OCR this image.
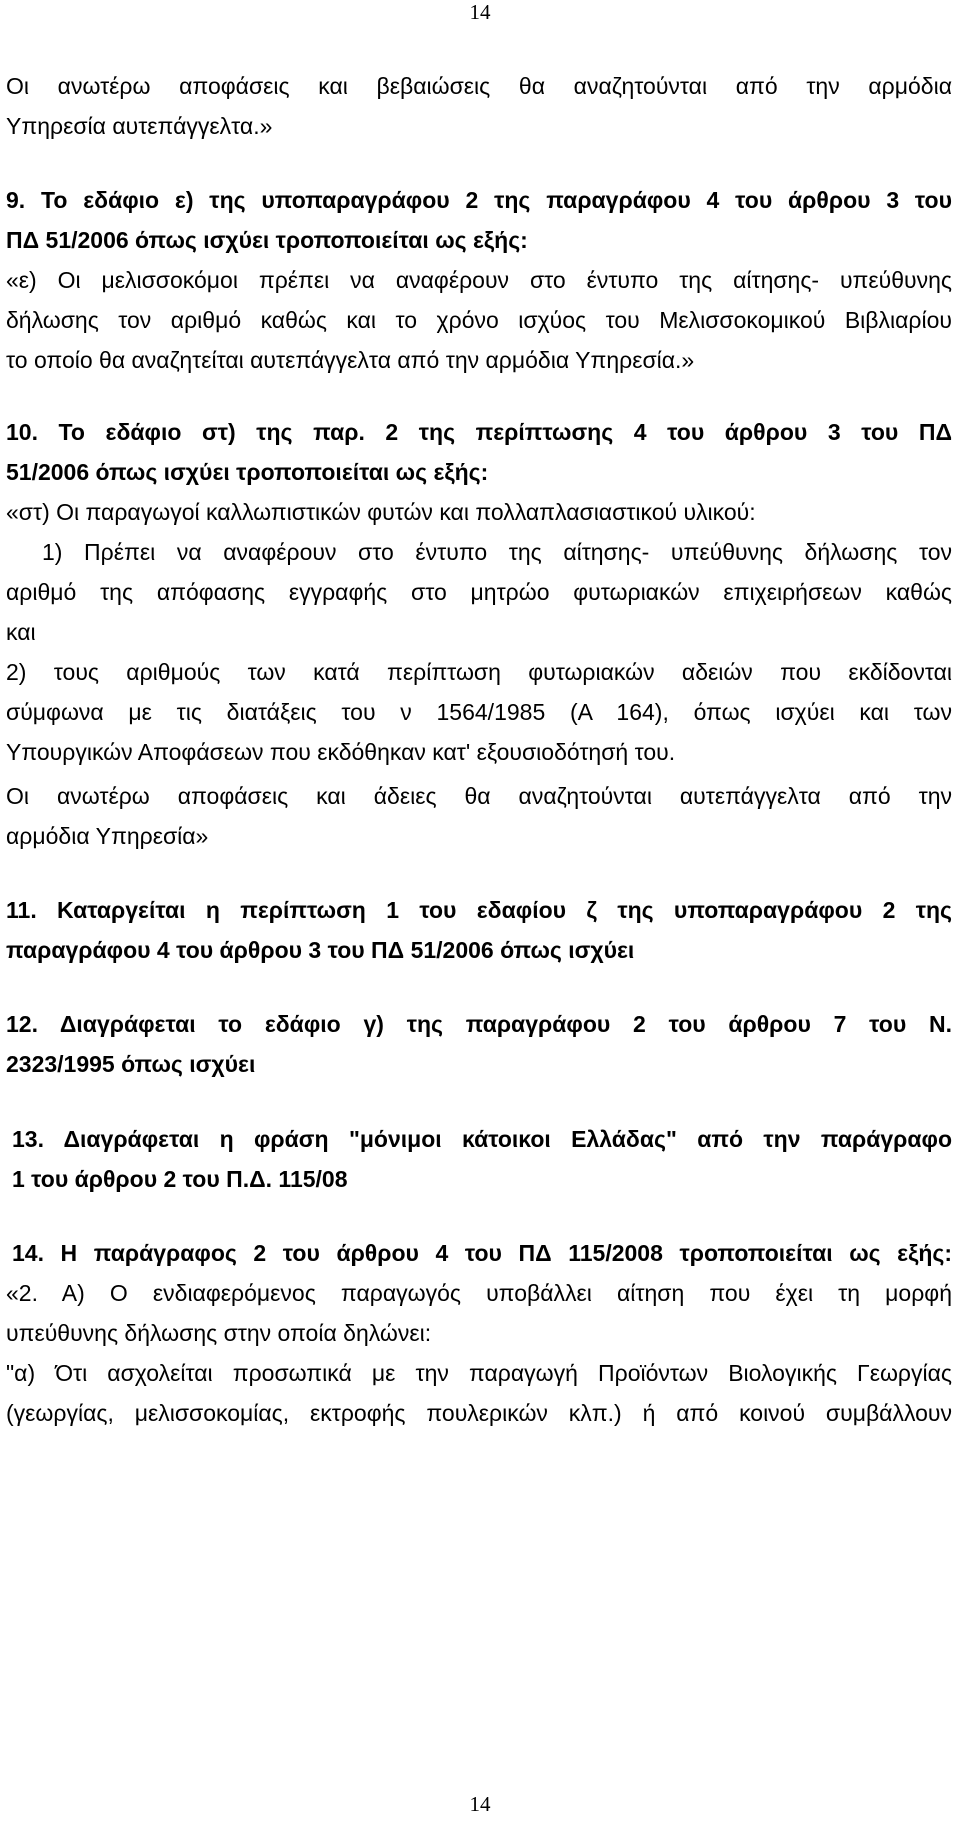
14
Οι ανωτέρω αποφάσεις και βεβαιώσεις θα αναζητούνται από την αρμόδια
Υπηρεσία αυτεπάγγελτα.»
9. Το εδάφιο ε) της υποπαραγράφου 2 της παραγράφου 4 του άρθρου 3 του
ΠΔ 51/2006 όπως ισχύει τροποποιείται ως εξής:
«ε) Οι μελισσοκόμοι πρέπει να αναφέρουν στο έντυπο της αίτησης- υπεύθυνης
δήλωσης τον αριθμό καθώς και το χρόνο ισχύος του Μελισσοκομικού Βιβλιαρίου
το οποίο θα αναζητείται αυτεπάγγελτα από την αρμόδια Υπηρεσία.»
10. Το εδάφιο στ) της παρ. 2 της περίπτωσης 4 του άρθρου 3 του ΠΔ
51/2006 όπως ισχύει τροποποιείται ως εξής:
«στ) Οι παραγωγοί καλλωπιστικών φυτών και πολλαπλασιαστικού υλικού:
1) Πρέπει να αναφέρουν στο έντυπο της αίτησης- υπεύθυνης δήλωσης τον
αριθμό της απόφασης εγγραφής στο μητρώο φυτωριακών επιχειρήσεων καθώς
και
2) τους αριθμούς των κατά περίπτωση φυτωριακών αδειών που εκδίδονται
σύμφωνα με τις διατάξεις του ν 1564/1985 (Α 164), όπως ισχύει και των
Υπουργικών Αποφάσεων που εκδόθηκαν κατ' εξουσιοδότησή του.
Οι ανωτέρω αποφάσεις και άδειες θα αναζητούνται αυτεπάγγελτα από την
αρμόδια Υπηρεσία»
11. Καταργείται η περίπτωση 1 του εδαφίου ζ της υποπαραγράφου 2 της
παραγράφου 4 του άρθρου 3 του ΠΔ 51/2006 όπως ισχύει
12. Διαγράφεται το εδάφιο γ) της παραγράφου 2 του άρθρου 7 του Ν.
2323/1995 όπως ισχύει
13. Διαγράφεται η φράση "μόνιμοι κάτοικοι Ελλάδας" από την παράγραφο
1 του άρθρου 2 του Π.Δ. 115/08
14. Η παράγραφος 2 του άρθρου 4 του ΠΔ 115/2008 τροποποιείται ως εξής:
«2. Α) Ο ενδιαφερόμενος παραγωγός υποβάλλει αίτηση που έχει τη μορφή
υπεύθυνης δήλωσης στην οποία δηλώνει:
"α) Ότι ασχολείται προσωπικά με την παραγωγή Προϊόντων Βιολογικής Γεωργίας
(γεωργίας, μελισσοκομίας, εκτροφής πουλερικών κλπ.) ή από κοινού συμβάλλουν
14
